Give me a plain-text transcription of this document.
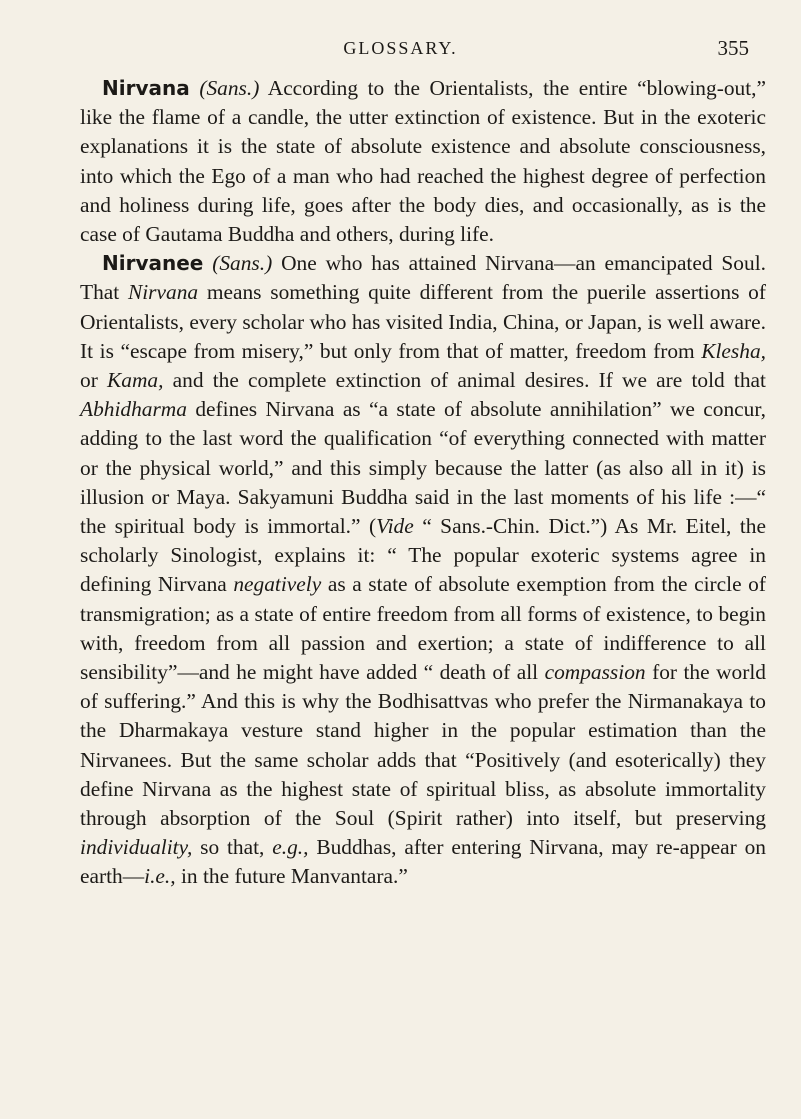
GLOSSARY.	355

Nirvana (Sans.) According to the Orientalists, the entire “blowing-out,” like the flame of a candle, the utter extinction of existence. But in the exoteric explanations it is the state of absolute existence and absolute consciousness, into which the Ego of a man who had reached the highest degree of perfection and holiness during life, goes after the body dies, and occasionally, as is the case of Gautama Buddha and others, during life.

Nirvanee (Sans.) One who has attained Nirvana—an emancipated Soul. That Nirvana means something quite different from the puerile assertions of Orientalists, every scholar who has visited India, China, or Japan, is well aware. It is “escape from misery,” but only from that of matter, freedom from Klesha, or Kama, and the complete extinction of animal desires. If we are told that Abhidharma defines Nirvana as “a state of absolute annihilation” we concur, adding to the last word the qualification “of everything connected with matter or the physical world,” and this simply because the latter (as also all in it) is illusion or Maya. Sakyamuni Buddha said in the last moments of his life :—“ the spiritual body is immortal.” (Vide “ Sans.-Chin. Dict.”) As Mr. Eitel, the scholarly Sinologist, explains it: “ The popular exoteric systems agree in defining Nirvana negatively as a state of absolute exemption from the circle of transmigration; as a state of entire freedom from all forms of existence, to begin with, freedom from all passion and exertion; a state of indifference to all sensibility”—and he might have added “ death of all compassion for the world of suffering.” And this is why the Bodhisattvas who prefer the Nirmanakaya to the Dharmakaya vesture stand higher in the popular estimation than the Nirvanees. But the same scholar adds that “Positively (and esoterically) they define Nirvana as the highest state of spiritual bliss, as absolute immortality through absorption of the Soul (Spirit rather) into itself, but preserving individuality, so that, e.g., Buddhas, after entering Nirvana, may re-appear on earth—i.e., in the future Manvantara.”
